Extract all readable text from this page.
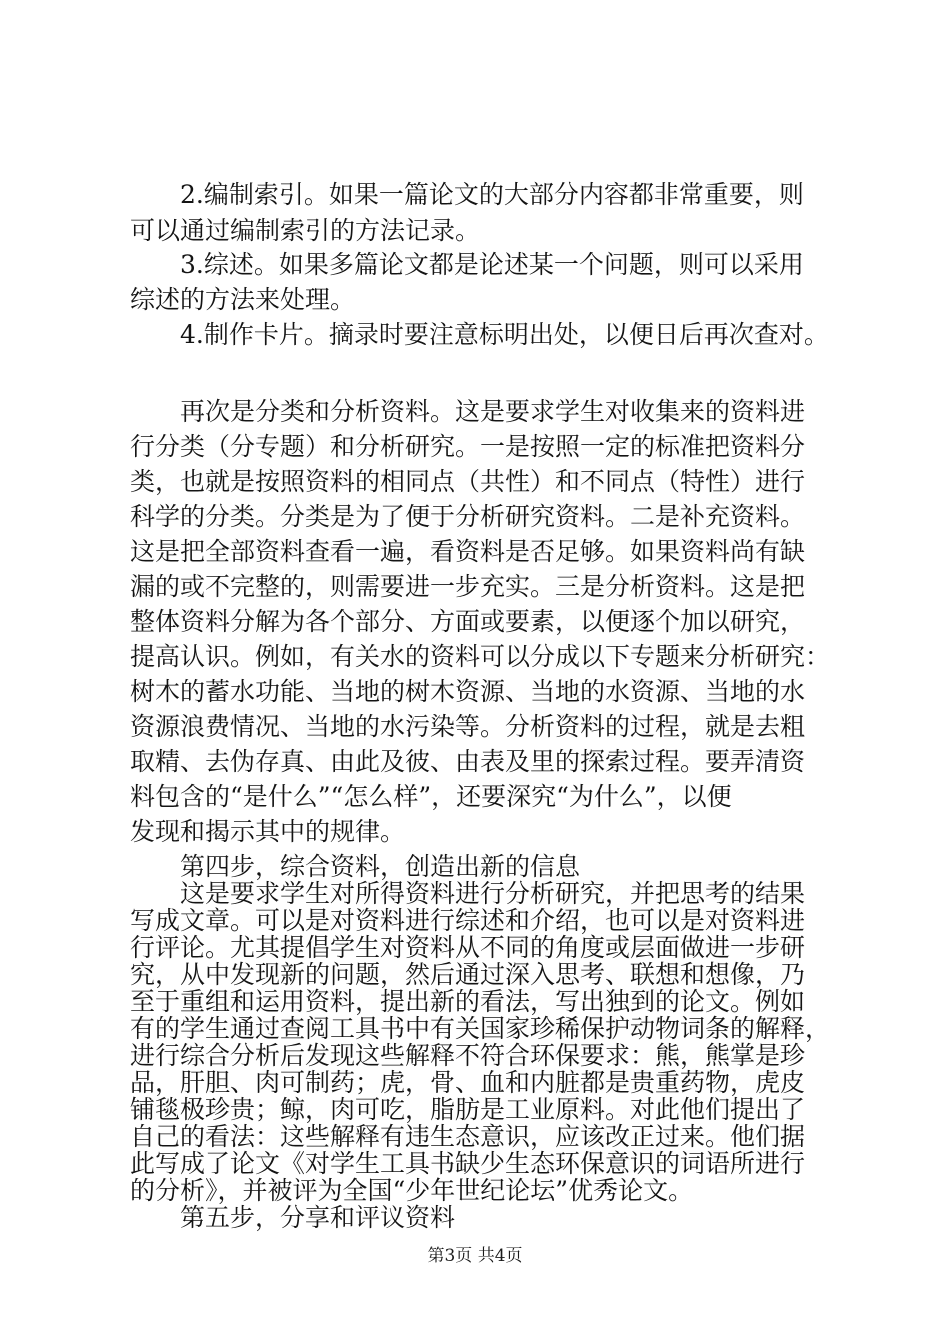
2.编制索引。如果一篇论文的大部分内容都非常重要，则
可以通过编制索引的方法记录。
3.综述。如果多篇论文都是论述某一个问题，则可以采用
综述的方法来处理。
4.制作卡片。摘录时要注意标明出处，以便日后再次查对。
再次是分类和分析资料。这是要求学生对收集来的资料进
行分类（分专题）和分析研究。一是按照一定的标准把资料分
类，也就是按照资料的相同点（共性）和不同点（特性）进行
科学的分类。分类是为了便于分析研究资料。二是补充资料。
这是把全部资料查看一遍，看资料是否足够。如果资料尚有缺
漏的或不完整的，则需要进一步充实。三是分析资料。这是把
整体资料分解为各个部分、方面或要素，以便逐个加以研究，
提高认识。例如，有关水的资料可以分成以下专题来分析研究：
树木的蓄水功能、当地的树木资源、当地的水资源、当地的水
资源浪费情况、当地的水污染等。分析资料的过程，就是去粗
取精、去伪存真、由此及彼、由表及里的探索过程。要弄清资
料包含的“是什么”“怎么样”，还要深究“为什么”，以便
发现和揭示其中的规律。
第四步，综合资料，创造出新的信息
这是要求学生对所得资料进行分析研究，并把思考的结果
写成文章。可以是对资料进行综述和介绍，也可以是对资料进
行评论。尤其提倡学生对资料从不同的角度或层面做进一步研
究，从中发现新的问题，然后通过深入思考、联想和想像，乃
至于重组和运用资料，提出新的看法，写出独到的论文。例如
有的学生通过查阅工具书中有关国家珍稀保护动物词条的解释，
进行综合分析后发现这些解释不符合环保要求：熊，熊掌是珍
品，肝胆、肉可制药；虎，骨、血和内脏都是贵重药物，虎皮
铺毯极珍贵；鲸，肉可吃，脂肪是工业原料。对此他们提出了
自己的看法：这些解释有违生态意识，应该改正过来。他们据
第3页 共4页
此写成了论文《对学生工具书缺少生态环保意识的词语所进行
的分析》，并被评为全国“少年世纪论坛”优秀论文。
第五步，分享和评议资料
